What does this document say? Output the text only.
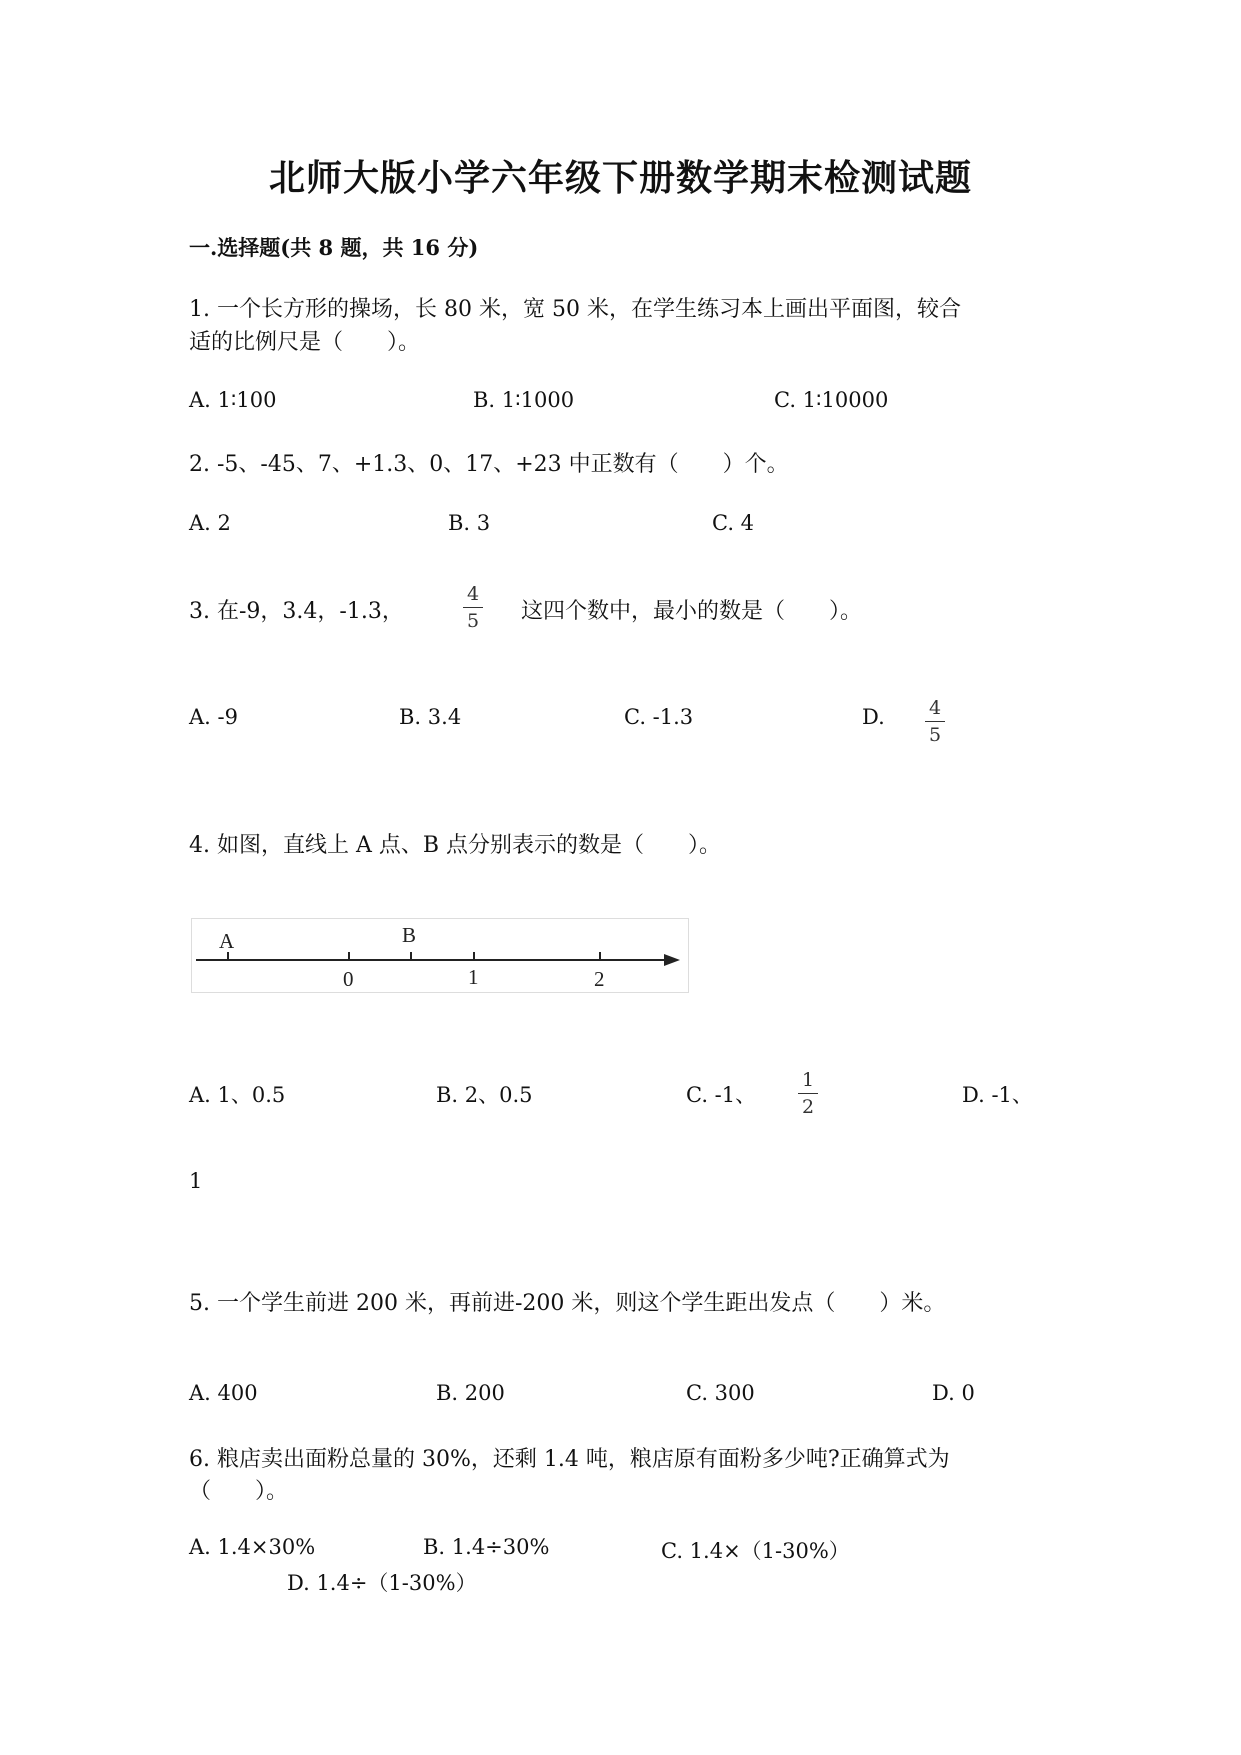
北师大版小学六年级下册数学期末检测试题
一.选择题(共 8 题，共 16 分)
1. 一个长方形的操场，长 80 米，宽 50 米，在学生练习本上画出平面图，较合
适的比例尺是（　　）。
A. 1∶100	B. 1∶1000	C. 1∶10000
2. -5、-45、7、+1.3、0、17、+23 中正数有（　　）个。
A. 2	B. 3	C. 4
3. 在-9，3.4，-1.3，
4
5 这四个数中，最小的数是（　　）。
A. -9	B. 3.4	C. -1.3	D. 4
5
4. 如图，直线上 A 点、B 点分别表示的数是（　　）。
A	B
0	1	2
A. 1、0.5	B. 2、0.5	C. -1、
1
2	D. -1、
1
5. 一个学生前进 200 米，再前进-200 米，则这个学生距出发点（　　）米。
A. 400	B. 200	C. 300	D. 0
6. 粮店卖出面粉总量的 30%，还剩 1.4 吨，粮店原有面粉多少吨?正确算式为
（　　）。
A. 1.4×30%	B. 1.4÷30%	C. 1.4×（1-30%）
D. 1.4÷（1-30%）
